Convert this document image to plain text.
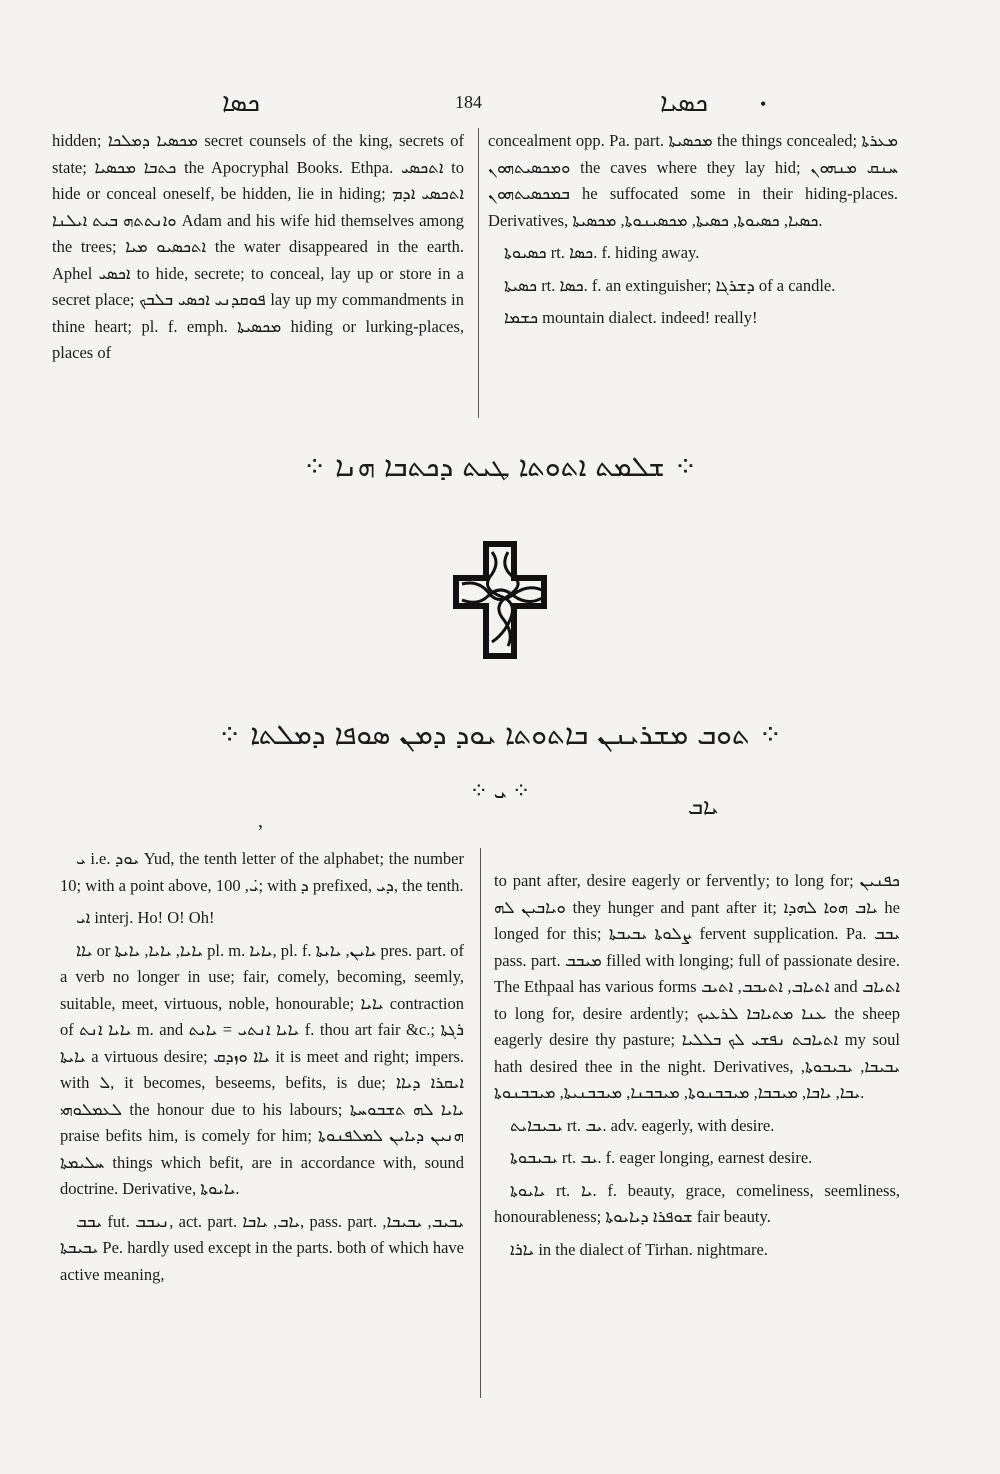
ܟܣܐ	184	ܟܣܝܐ	•

hidden; ܡܟܣܝܐ ܕܡܠܟܐ secret counsels of the king, secrets of state; ܟܬܒܐ ܡܟܣܝܐ the Apocryphal Books. Ethpa. ܐܬܟܣܝ to hide or conceal oneself, be hidden, lie in hiding; ܐܬܟܣܝ ܐܕܡ ܘܐܢܬܬܗ ܒܝܬ ܐܝܠܢܐ Adam and his wife hid themselves among the trees; ܐܬܟܣܝܘ ܡܝܐ the water disappeared in the earth. Aphel ܐܟܣܝ to hide, secrete; to conceal, lay up or store in a secret place; ܦܘܩܕܢܝ ܐܟܣܝ ܒܠܒܟ lay up my commandments in thine heart; pl. f. emph. ܡܟܣܝܬܐ hiding or lurking-places, places of

concealment opp. Pa. part. ܡܟܣܝܬܐ the things concealed; ܡܥܪܬܐ ܘܡܟܣܝܬܗܘܢ the caves where they lay hid; ܚܢܩ ܡܢܗܘܢ ܒܡܟܣܝܬܗܘܢ he suffocated some in their hiding-places. Derivatives, ܟܣܝܐ, ܟܣܝܘܬܐ, ܟܣܝܬܐ, ܡܟܣܝܢܘܬܐ, ܡܟܣܝܬܐ.

ܟܣܝܘܬܐ rt. ܟܣܐ. f. hiding away.

ܟܣܝܬܐ rt. ܟܣܐ. f. an extinguisher; ܕܫܪܓܐ of a candle.

ܟܫܡܐ mountain dialect. indeed! really!

⁘ ܫܠܡܬ ܐܬܘܬܐ ܛܝܬ ܕܟܬܒܐ ܗܢܐ ⁘
⁘ ܬܘܒ ܡܫܪܝܢܢ ܒܐܬܘܬܐ ܝܘܕ ܕܡܢ ܣܘܦܐ ܕܡܠܬܐ ⁘
⁘ ܝ ⁘
,
ܝܐܒ

ܝ i.e. ܝܘܕ Yud, the tenth letter of the alphabet; the number 10; with a point above, ܝ̇, 100; with ܕ prefixed, ܕܝ, the tenth.

ܐܝ interj. Ho! O! Oh!

ܝܐܐ or ܝܐܝܐ, ܝܐܝܐ, ܝܐܝܬܐ pl. m. ܝܐܝܐ, pl. f. ܝܐܝܢ, ܝܐܝܬܐ pres. part. of a verb no longer in use; fair, comely, becoming, seemly, suitable, meet, virtuous, noble, honourable; ܝܐܝܐ contraction of ܝܐܝܐ ܐܢܬ m. and ܝܐܝܐ ܐܢܬܝ = ܝܐܝܬ f. thou art fair &c.; ܪܓܬܐ ܝܐܝܬܐ a virtuous desire; ܝܐܐ ܘܙܕܩ it is meet and right; impers. with ܠ, it becomes, beseems, befits, is due; ܐܝܩܪܐ ܕܝܐܐ ܠܥܡܠܘܗܝ the honour due to his labours; ܝܐܝܐ ܠܗ ܬܫܒܘܚܬܐ praise befits him, is comely for him; ܗܢܝܢ ܕܝܐܝܢ ܠܡܠܦܢܘܬܐ ܚܠܝܡܬܐ things which befit, are in accordance with, sound doctrine. Derivative, ܝܐܝܘܬܐ.

ܝܒܒ fut. ܢܝܒܒ, act. part. ܝܐܒ, ܝܐܒܐ, pass. part. ܝܒܝܒ, ܝܒܝܒܐ, ܝܒܝܒܬܐ Pe. hardly used except in the parts. both of which have active meaning,

to pant after, desire eagerly or fervently; to long for; ܟܦܢܝܢ ܘܝܐܒܝܢ ܠܗ they hunger and pant after it; ܝܐܒ ܗܘܐ ܠܗܕܐ he longed for this; ܨܠܘܬܐ ܝܒܝܒܬܐ fervent supplication. Pa. ܝܒܒ pass. part. ܡܝܒܒ filled with longing; full of passionate desire. The Ethpaal has various forms ܐܬܝܐܒ, ܐܬܝܒܒ, ܐܬܝܒ and ܐܬܝܐܒ to long for, desire ardently; ܥܢܐ ܡܬܝܐܒܐ ܠܪܥܝܟ the sheep eagerly desire thy pasture; ܐܬܝܐܒܬ ܢܦܫܝ ܠܟ ܒܠܠܝܐ my soul hath desired thee in the night. Derivatives, ܝܒܝܒܐ, ܝܒܝܒܘܬܐ, ܝܒܐ, ܝܐܒܐ, ܡܝܒܒܐ, ܡܝܒܒܢܘܬܐ, ܡܝܒܒܢܐ, ܡܝܒܒܢܝܬܐ, ܡܝܒܒܢܘܬܐ.

ܝܒܝܒܐܝܬ rt. ܝܒ. adv. eagerly, with desire.

ܝܒܝܒܘܬܐ rt. ܝܒ. f. eager longing, earnest desire.

ܝܐܝܘܬܐ rt. ܝܐ. f. beauty, grace, comeliness, seemliness, honourableness; ܫܘܦܪܐ ܕܝܐܝܘܬܐ fair beauty.

ܝܐܪܐ in the dialect of Tirhan. nightmare.
